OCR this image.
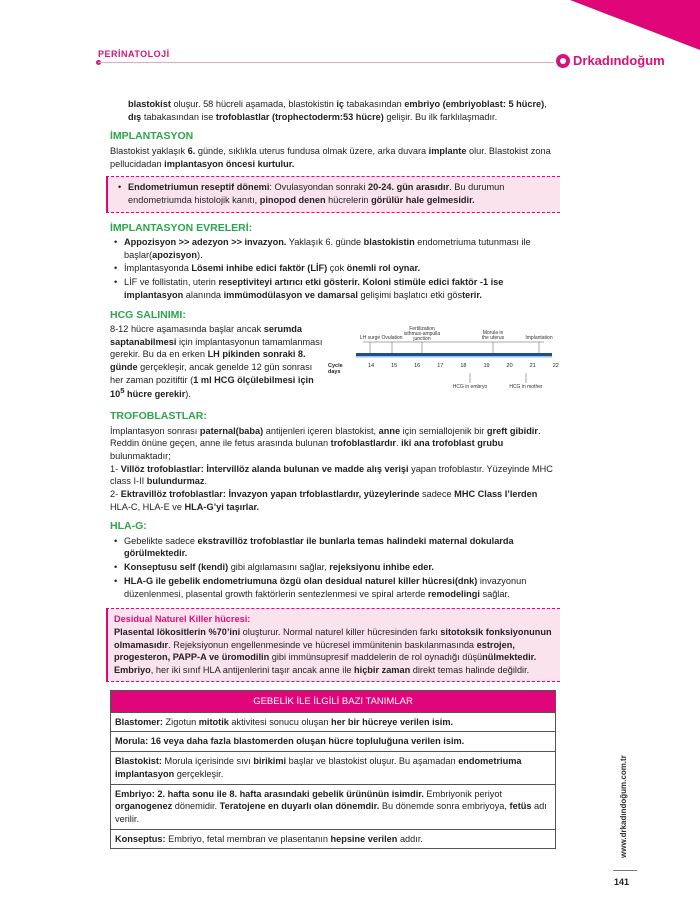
PERİNATOLOJİ	Drkadındoğum

blastokist oluşur. 58 hücreli aşamada, blastokistin iç tabakasından embriyo (embriyoblast: 5 hücre), dış tabakasından ise trofoblastlar (trophectoderm:53 hücre) gelişir. Bu ilk farklılaşmadır.

İMPLANTASYON

Blastokist yaklaşık 6. günde, sıklıkla uterus fundusa olmak üzere, arka duvara implante olur. Blastokist zona pellucidadan implantasyon öncesi kurtulur.

• Endometriumun reseptif dönemi: Ovulasyondan sonraki 20-24. gün arasıdır. Bu durumun endometriumda histolojik kanıtı, pinopod denen hücrelerin görülür hale gelmesidir.
İMPLANTASYON EVRELERİ:
• Appozisyon >> adezyon >> invazyon. Yaklaşık 6. günde blastokistin endometriuma tutunması ile başlar(apozisyon).
• İmplantasyonda Lösemi inhibe edici faktör (LİF) çok önemli rol oynar.
• LİF ve follistatin, uterin reseptiviteyi artırıcı etki gösterir. Koloni stimüle edici faktör -1 ise implantasyon alanında immümodülasyon ve damarsal gelişimi başlatıcı etki gösterir.
HCG SALINIMI:

8-12 hücre aşamasında başlar ancak serumda saptanabilmesi için implantasyonun tamamlanması gerekir. Bu da en erken LH pikinden sonraki 8. günde gerçekleşir, ancak genelde 12 gün sonrası her zaman pozitiftir (1 ml HCG ölçülebilmesi için $10^5$ hücre gerekir).

Fertilization
isthmus-ampulla
junction
Morula in
the uterus
LH surge Ovulation	Implantation
Cycle
days
14	15	16	17	18	19	20	21	22
HCG in embryo	HCG in mother
TROFOBLASTLAR:

İmplantasyon sonrası paternal(baba) antijenleri içeren blastokist, anne için semiallojenik bir greft gibidir. Reddin önüne geçen, anne ile fetus arasında bulunan trofoblastlardır. iki ana trofoblast grubu bulunmaktadır;

1- Villöz trofoblastlar: İntervillöz alanda bulunan ve madde alış verişi yapan trofoblastır. Yüzeyinde MHC class I-II bulundurmaz.

2- Ektravillöz trofoblastlar: İnvazyon yapan trfoblastlardır, yüzeylerinde sadece MHC Class I’lerden HLA-C, HLA-E ve HLA-G’yi taşırlar.

HLA-G:
• Gebelikte sadece ekstravillöz trofoblastlar ile bunlarla temas halindeki maternal dokularda görülmektedir.
• Konseptusu self (kendi) gibi algılamasını sağlar, rejeksiyonu inhibe eder.
• HLA-G ile gebelik endometriumuna özgü olan desidual naturel killer hücresi(dnk) invazyonun düzenlenmesi, plasental growth faktörlerin sentezlenmesi ve spiral arterde remodelingi sağlar.
Desidual Naturel Killer hücresi:

Plasental lökositlerin %70’ini oluşturur. Normal naturel killer hücresinden farkı sitotoksik fonksiyonunun olmamasıdır. Rejeksiyonun engellenmesinde ve hücresel immünitenin baskılanmasında estrojen, progesteron, PAPP-A ve üromodilin gibi immünsupresif maddelerin de rol oynadığı düşünülmektedir. Embriyo, her iki sınıf HLA antijenlerini taşır ancak anne ile hiçbir zaman direkt temas halinde değildir.

GEBELİK İLE İLGİLİ BAZI TANIMLAR
Blastomer: Zigotun mitotik aktivitesi sonucu oluşan her bir hücreye verilen isim.
Morula: 16 veya daha fazla blastomerden oluşan hücre topluluğuna verilen isim.
Blastokist: Morula içerisinde sıvı birikimi başlar ve blastokist oluşur. Bu aşamadan endometriuma implantasyon gerçekleşir.
Embriyo: 2. hafta sonu ile 8. hafta arasındaki gebelik ürününün isimdir. Embriyonik periyot organogenez dönemidir. Teratojene en duyarlı olan dönemdir. Bu dönemde sonra embriyoya, fetüs adı verilir.
Konseptus: Embriyo, fetal membran ve plasentanın hepsine verilen addır.	www.drkadındoğum.com.tr
141
